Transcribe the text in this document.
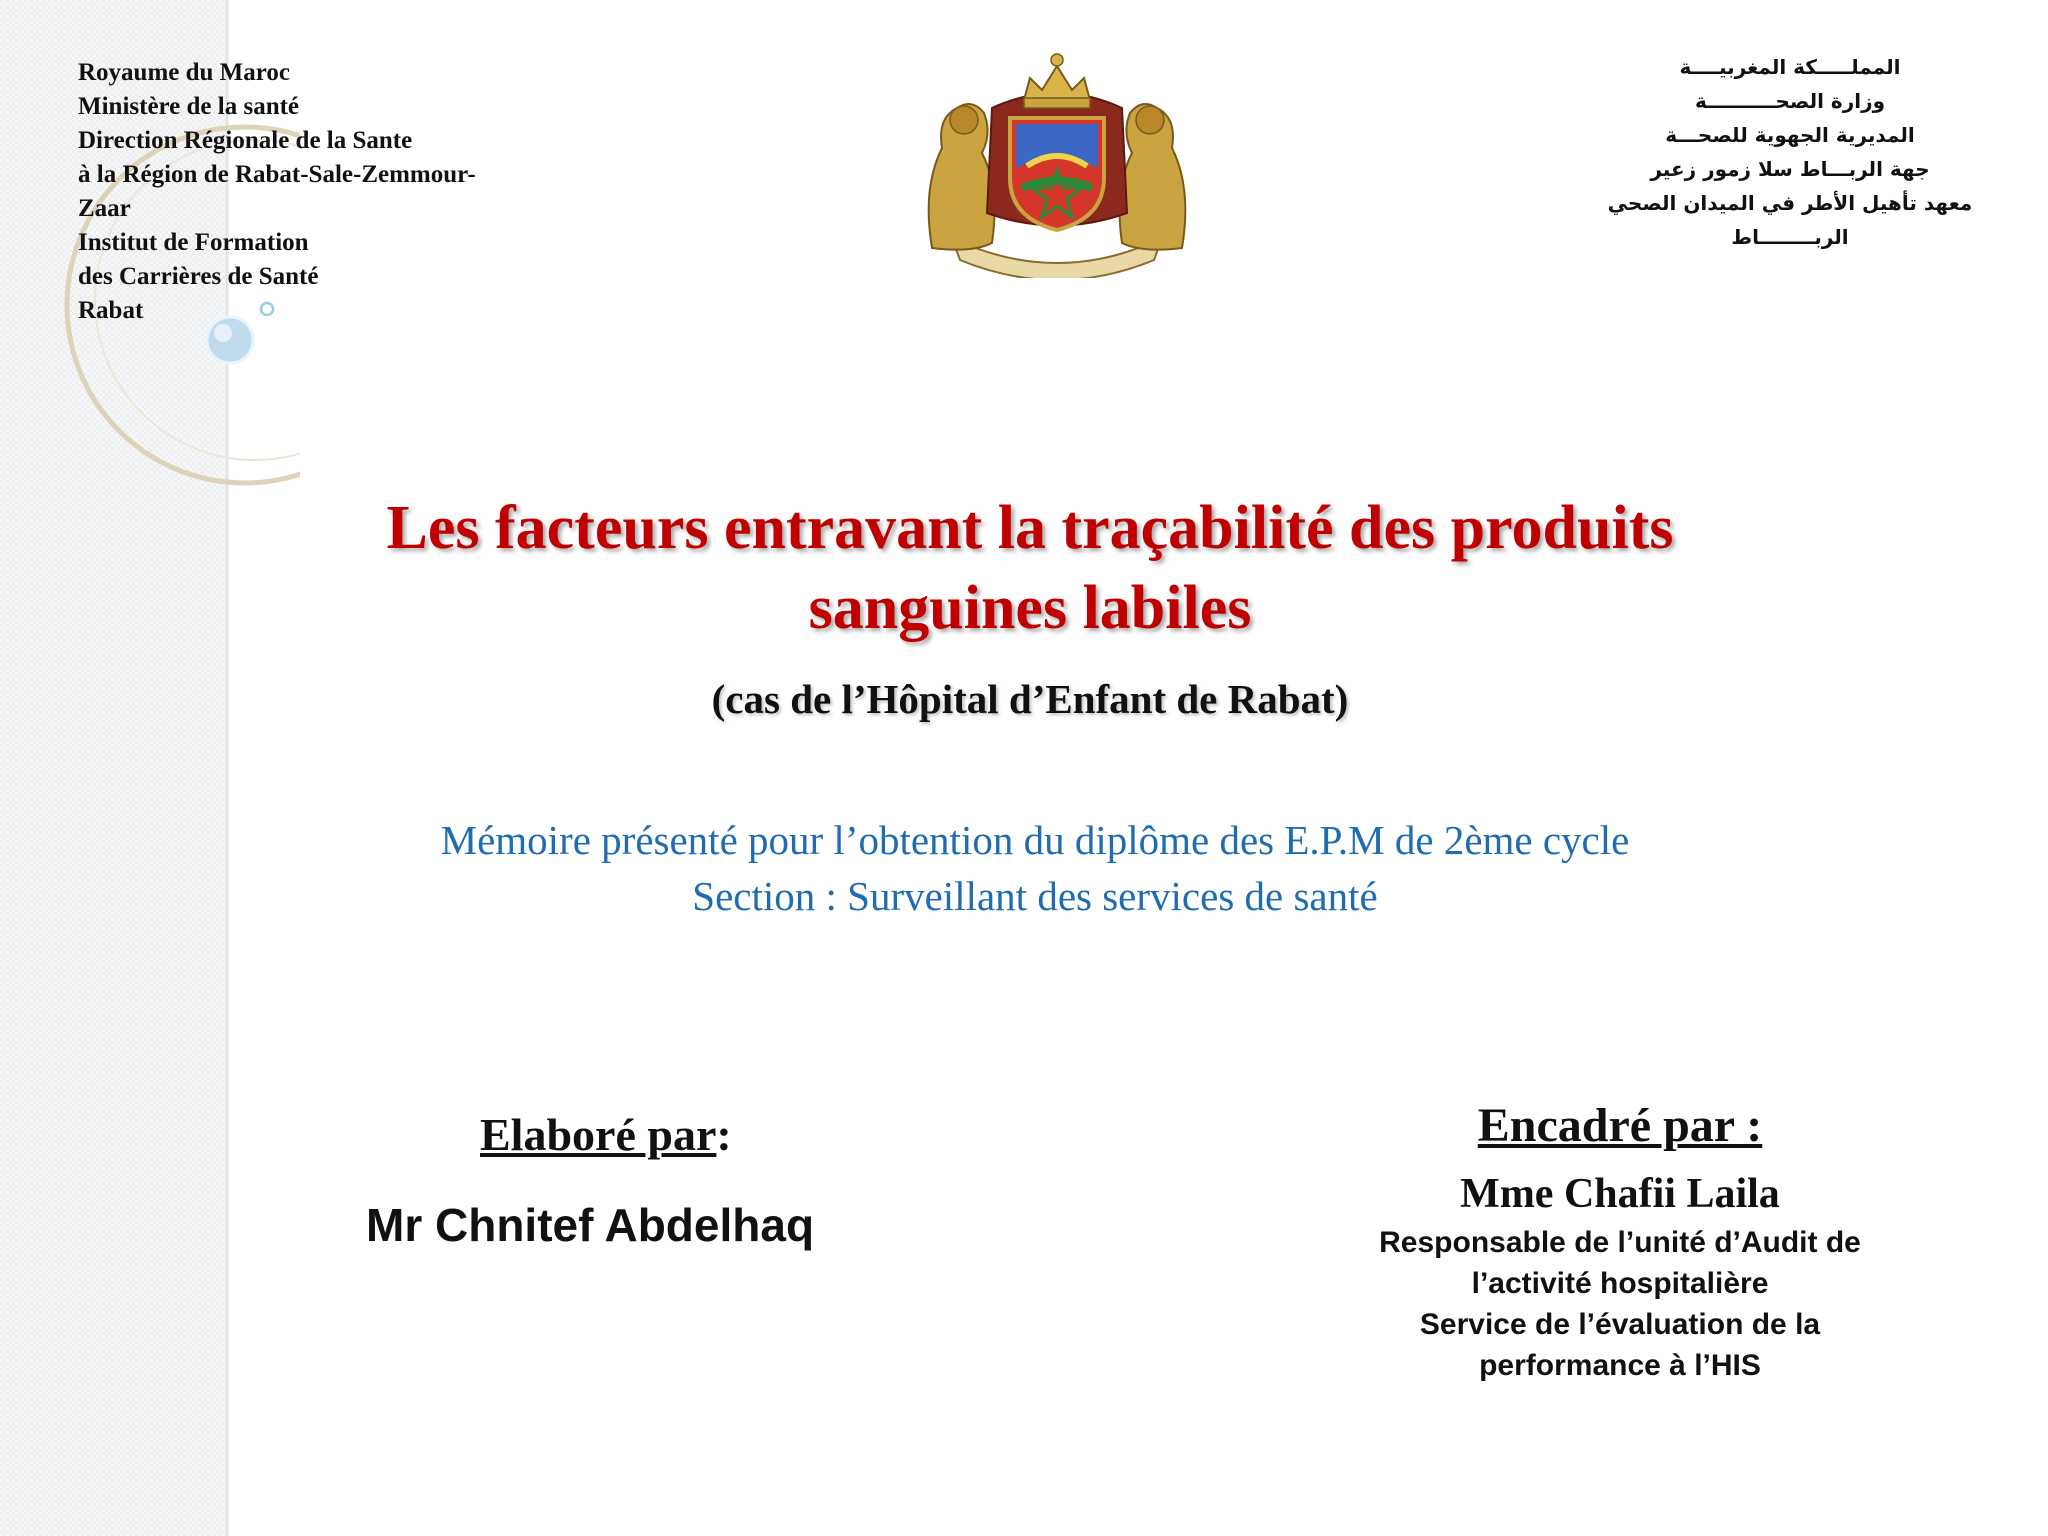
Royaume du Maroc
Ministère de la santé
Direction Régionale de la Sante
à la Région de Rabat-Sale-Zemmour-
Zaar
Institut de Formation
des Carrières de Santé
Rabat
المملـــــكة المغربيــــة
وزارة الصحــــــــــة
المديرية الجهوية للصحـــة
جهة الربـــاط سلا زمور زعير
معهد تأهيل الأطر في الميدان الصحي
الربــــــــاط
Les facteurs entravant la traçabilité des produits
sanguines labiles
(cas de l’Hôpital d’Enfant de Rabat)
Mémoire présenté pour l’obtention du diplôme des E.P.M de 2ème cycle
Section : Surveillant des services de santé
Elaboré par:
Mr Chnitef Abdelhaq
Encadré par :
Mme Chafii Laila
Responsable de l’unité d’Audit de
l’activité hospitalière
Service de l’évaluation de la
performance à l’HIS
